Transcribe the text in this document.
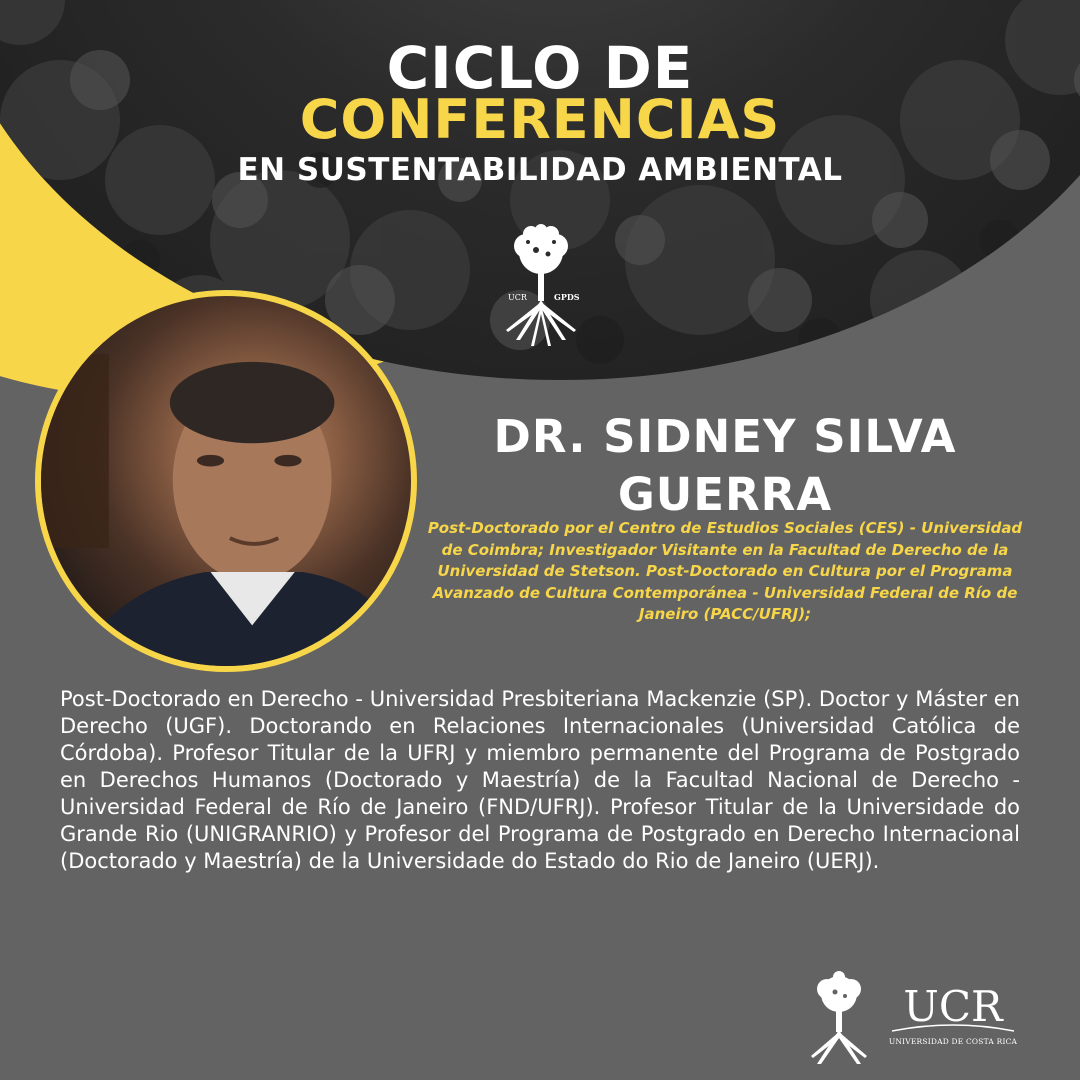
CICLO DE
CONFERENCIAS
EN SUSTENTABILIDAD AMBIENTAL
UCR	GPDS
DR. SIDNEY SILVA GUERRA
Post-Doctorado por el Centro de Estudios Sociales (CES) - Universidad de Coimbra; Investigador Visitante en la Facultad de Derecho de la Universidad de Stetson. Post-Doctorado en Cultura por el Programa Avanzado de Cultura Contemporánea - Universidad Federal de Río de Janeiro (PACC/UFRJ);
Post-Doctorado en Derecho - Universidad Presbiteriana Mackenzie (SP). Doctor y Máster en Derecho (UGF). Doctorando en Relaciones Internacionales (Universidad Católica de Córdoba). Profesor Titular de la UFRJ y miembro permanente del Programa de Postgrado en Derechos Humanos (Doctorado y Maestría) de la Facultad Nacional de Derecho - Universidad Federal de Río de Janeiro (FND/UFRJ). Profesor Titular de la Universidade do Grande Rio (UNIGRANRIO) y Profesor del Programa de Postgrado en Derecho Internacional (Doctorado y Maestría) de la Universidade do Estado do Rio de Janeiro (UERJ).
UCR
UNIVERSIDAD DE COSTA RICA
